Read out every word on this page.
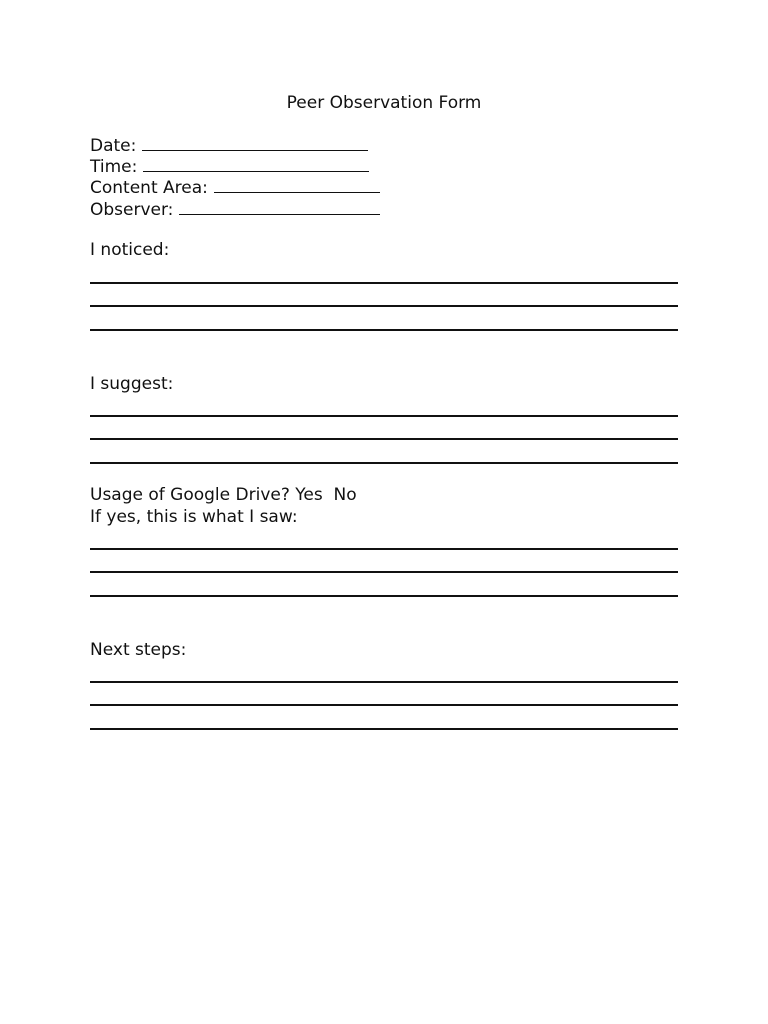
Peer Observation Form
Date:
Time:
Content Area:
Observer:
I noticed:
I suggest:
Usage of Google Drive? Yes  No
If yes, this is what I saw:
Next steps:
